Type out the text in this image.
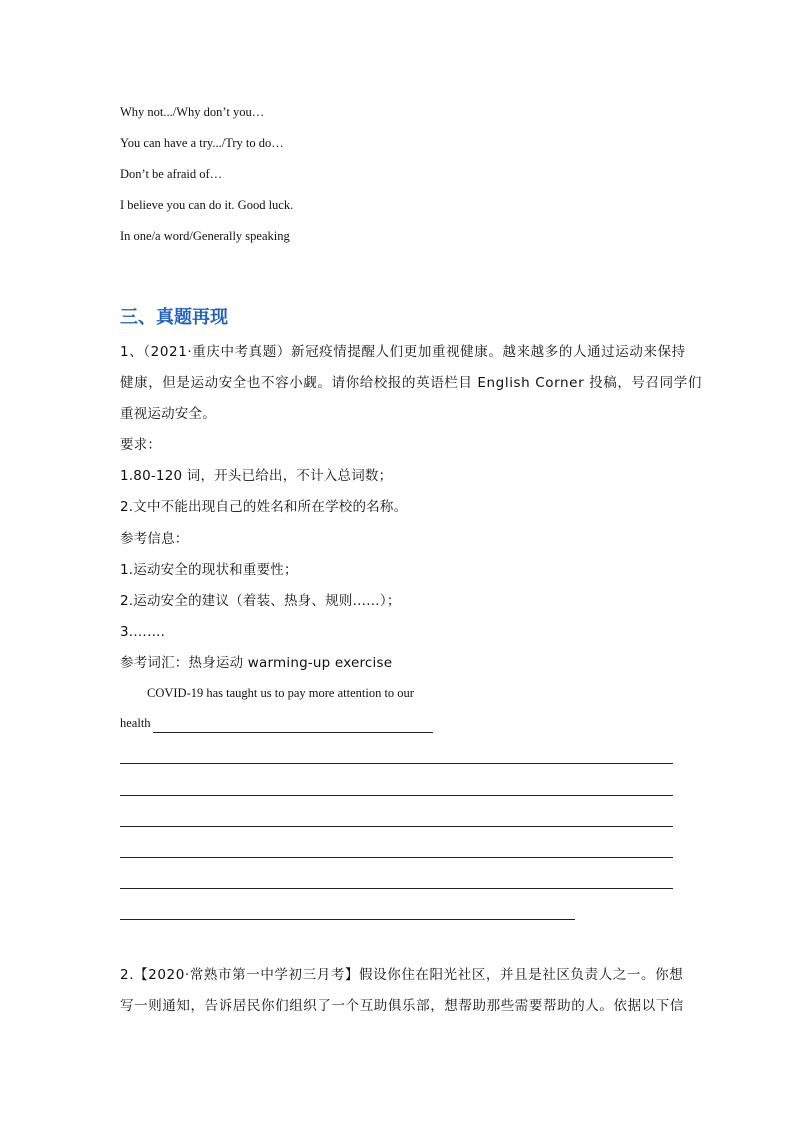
Why not.../Why don’t you…
You can have a try.../Try to do…
Don’t be afraid of…
I believe you can do it. Good luck.
In one/a word/Generally speaking
三、真题再现
1、（2021·重庆中考真题）新冠疫情提醒人们更加重视健康。越来越多的人通过运动来保持
健康，但是运动安全也不容小觑。请你给校报的英语栏目 English Corner 投稿，号召同学们
重视运动安全。
要求：
1.80-120 词，开头已给出，不计入总词数；
2.文中不能出现自己的姓名和所在学校的名称。
参考信息：
1.运动安全的现状和重要性；
2.运动安全的建议（着装、热身、规则……）；
3.…….
参考词汇：热身运动 warming-up exercise
COVID-19 has taught us to pay more attention to our
health
2.【2020·常熟市第一中学初三月考】假设你住在阳光社区，并且是社区负责人之一。你想
写一则通知，告诉居民你们组织了一个互助俱乐部，想帮助那些需要帮助的人。依据以下信
